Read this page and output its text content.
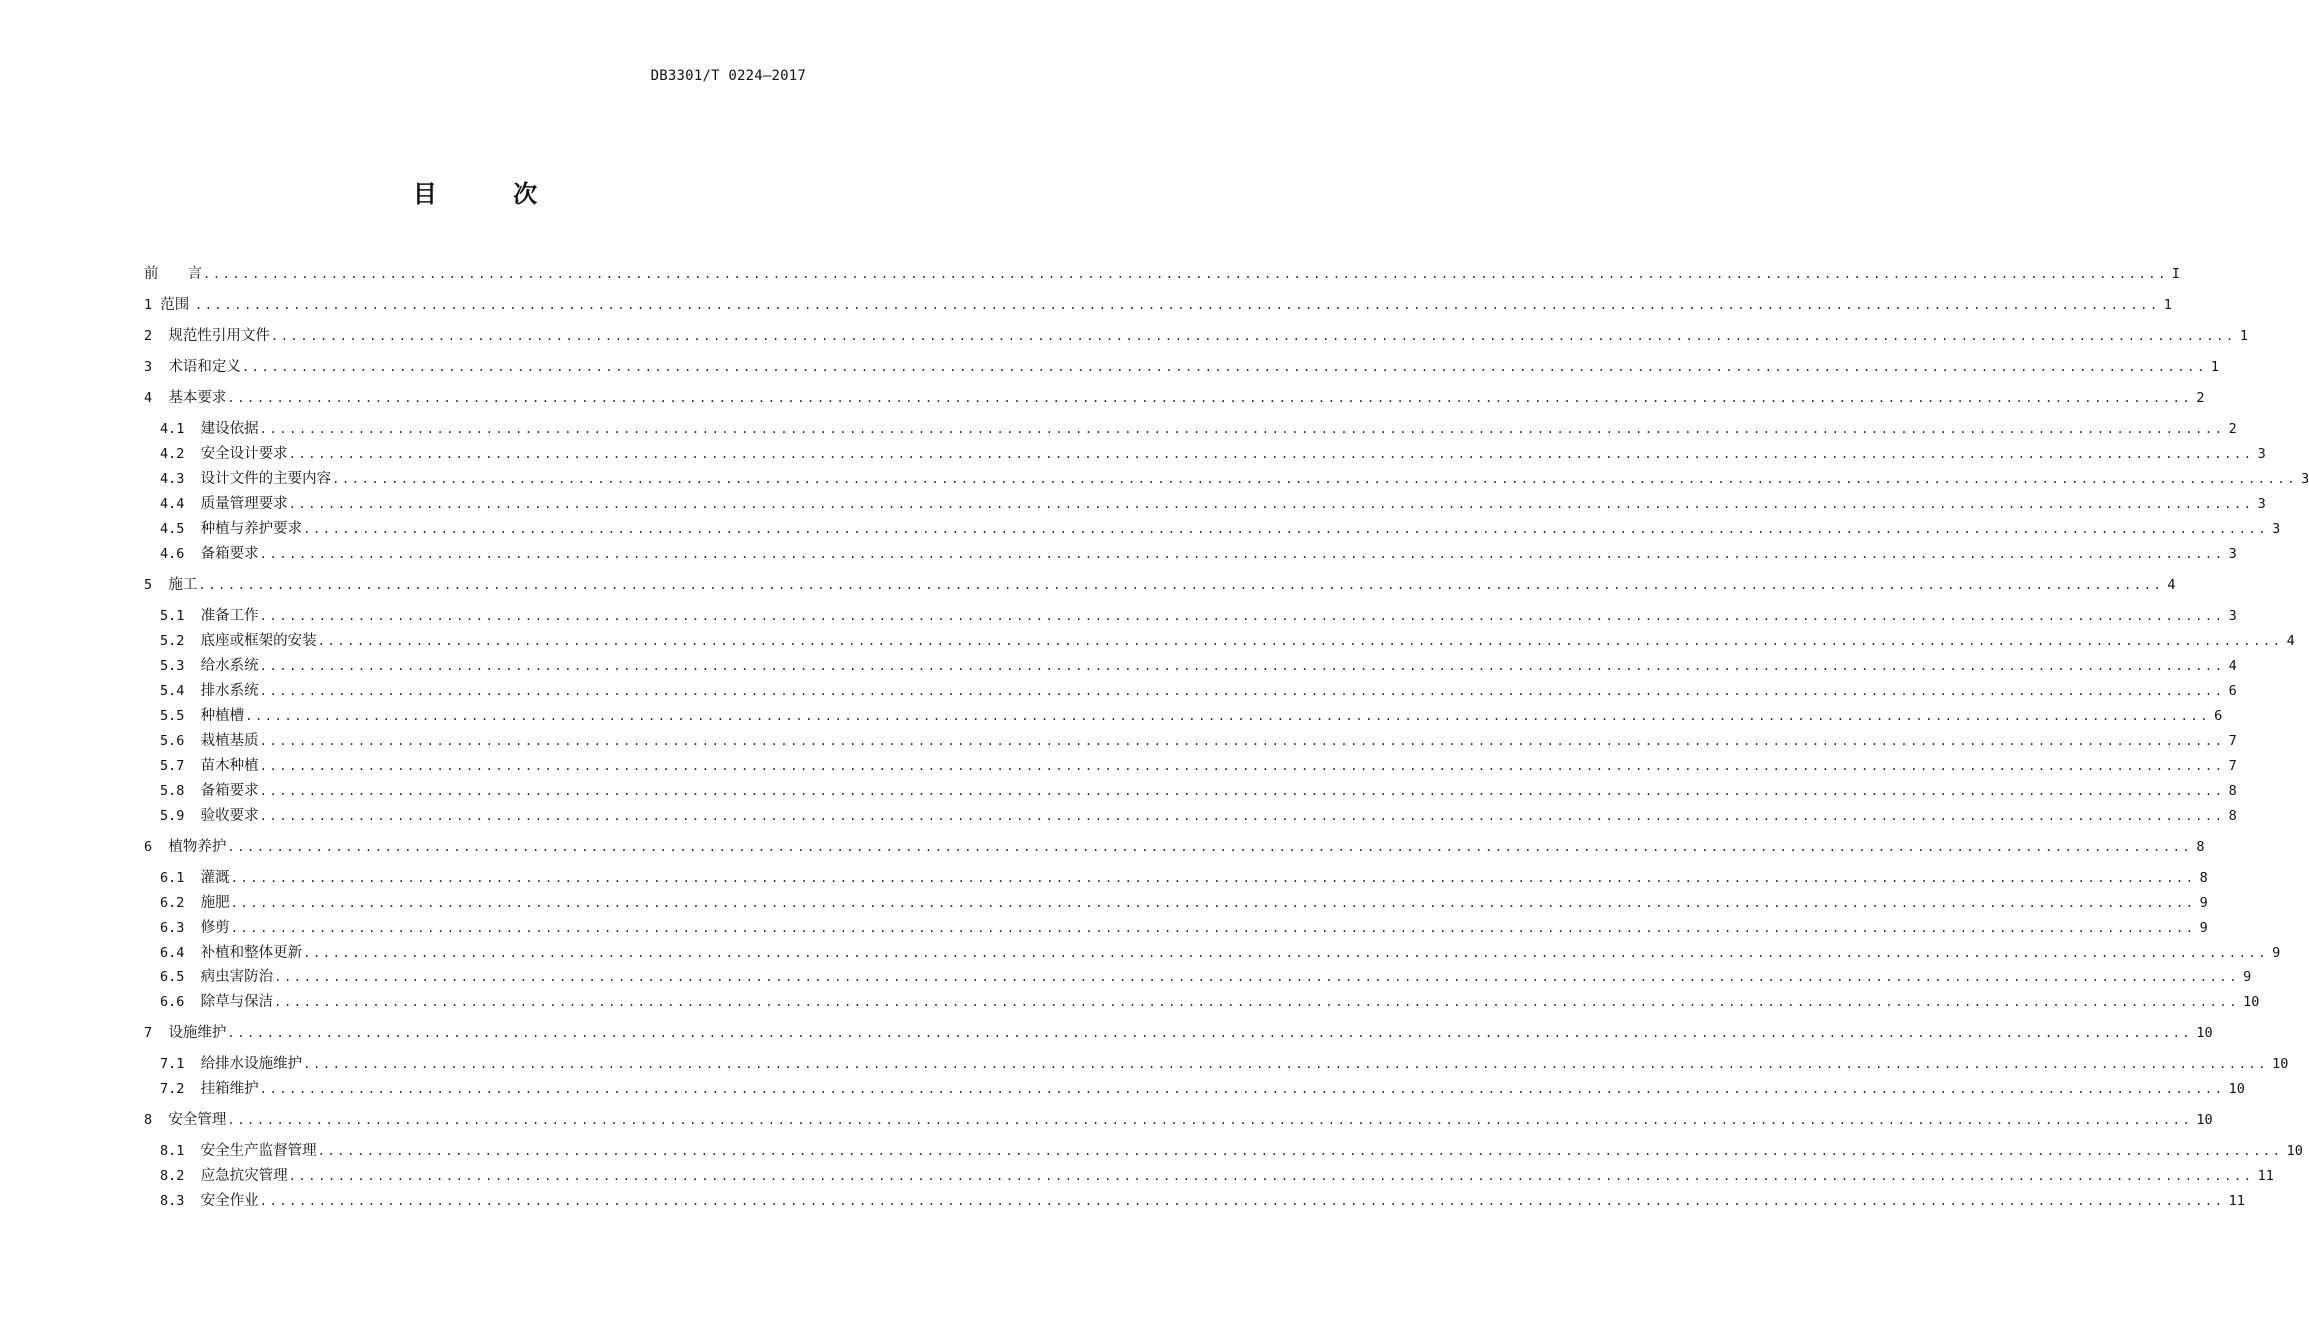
DB3301/T 0224—2017
目 次
前　　言 ........................................................................................................................................................................................................ I
1 范围 ........................................................................................................................................................................................................ 1
2 规范性引用文件 ........................................................................................................................................................................................................ 1
3 术语和定义 ........................................................................................................................................................................................................ 1
4 基本要求 ........................................................................................................................................................................................................ 2
4.1 建设依据 ........................................................................................................................................................................................................ 2
4.2 安全设计要求 ........................................................................................................................................................................................................ 3
4.3 设计文件的主要内容 ........................................................................................................................................................................................................ 3
4.4 质量管理要求 ........................................................................................................................................................................................................ 3
4.5 种植与养护要求 ........................................................................................................................................................................................................ 3
4.6 备箱要求 ........................................................................................................................................................................................................ 3
5 施工 ........................................................................................................................................................................................................ 4
5.1 准备工作 ........................................................................................................................................................................................................ 3
5.2 底座或框架的安装 ........................................................................................................................................................................................................ 4
5.3 给水系统 ........................................................................................................................................................................................................ 4
5.4 排水系统 ........................................................................................................................................................................................................ 6
5.5 种植槽 ........................................................................................................................................................................................................ 6
5.6 栽植基质 ........................................................................................................................................................................................................ 7
5.7 苗木种植 ........................................................................................................................................................................................................ 7
5.8 备箱要求 ........................................................................................................................................................................................................ 8
5.9 验收要求 ........................................................................................................................................................................................................ 8
6 植物养护 ........................................................................................................................................................................................................ 8
6.1 灌溉 ........................................................................................................................................................................................................ 8
6.2 施肥 ........................................................................................................................................................................................................ 9
6.3 修剪 ........................................................................................................................................................................................................ 9
6.4 补植和整体更新 ........................................................................................................................................................................................................ 9
6.5 病虫害防治 ........................................................................................................................................................................................................ 9
6.6 除草与保洁 ........................................................................................................................................................................................................ 10
7 设施维护 ........................................................................................................................................................................................................ 10
7.1 给排水设施维护 ........................................................................................................................................................................................................ 10
7.2 挂箱维护 ........................................................................................................................................................................................................ 10
8 安全管理 ........................................................................................................................................................................................................ 10
8.1 安全生产监督管理 ........................................................................................................................................................................................................ 10
8.2 应急抗灾管理 ........................................................................................................................................................................................................ 11
8.3 安全作业 ........................................................................................................................................................................................................ 11
